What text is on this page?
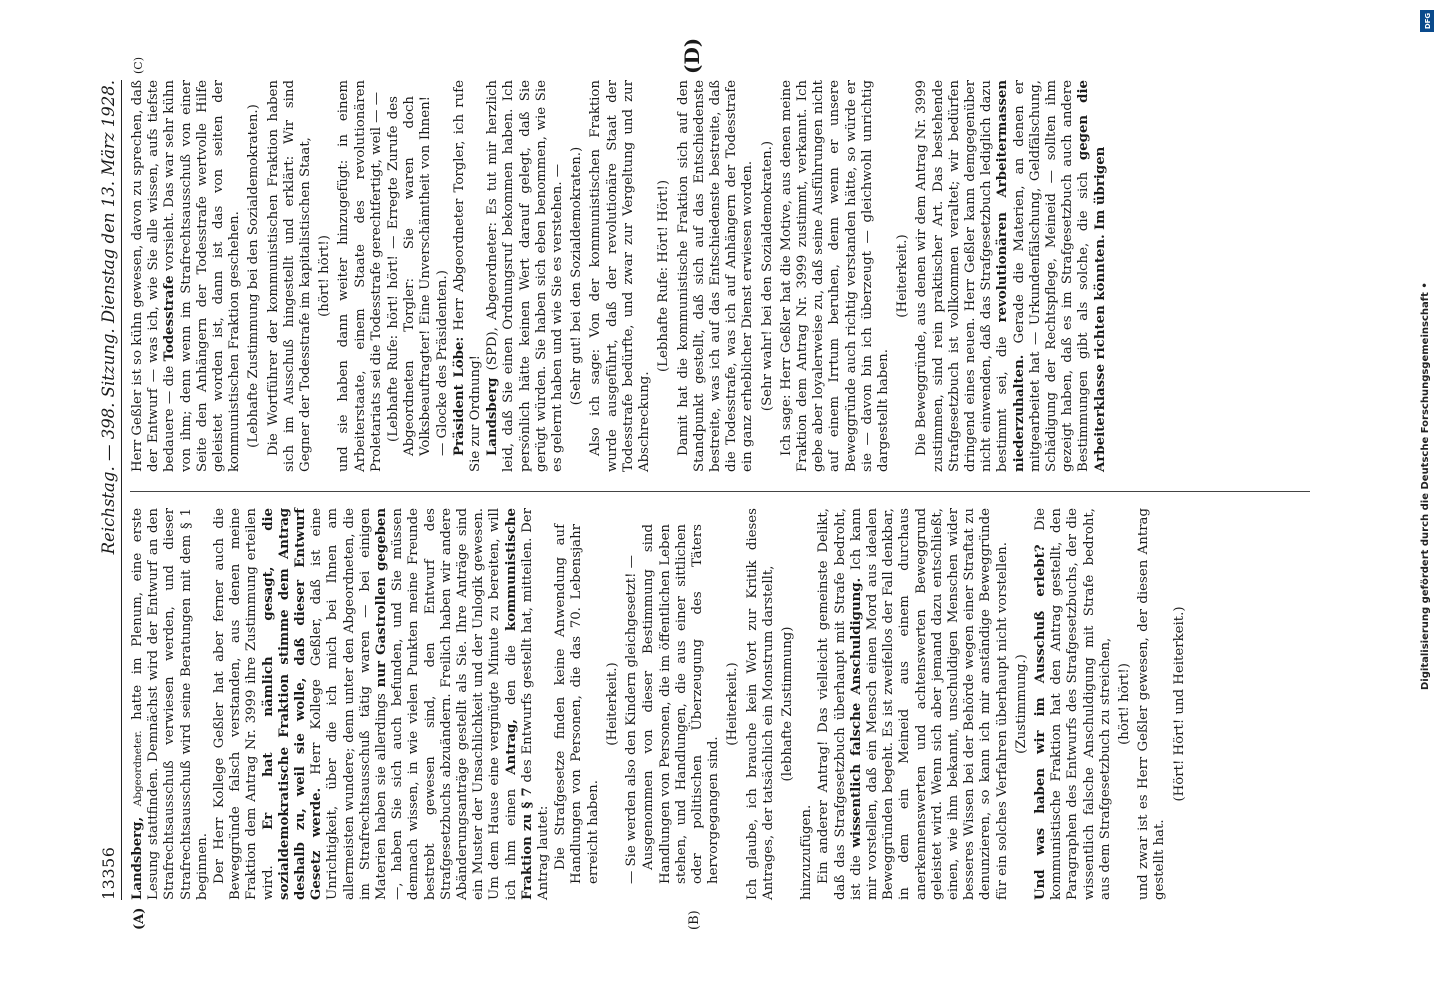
13356
Reichstag. — 398. Sitzung. Dienstag den 13. März 1928.
(A)	(B)
(C)	(D)

Landsberg, Abgeordneter. hatte im Plenum, eine erste Lesung stattfinden. Demnächst wird der Entwurf an den Strafrechtsausschuß verwiesen werden, und dieser Strafrechtsausschuß wird seine Beratungen mit dem § 1 beginnen. Der Herr Kollege Geßler hat aber ferner auch die Beweggründe falsch verstanden, aus denen meine Fraktion dem Antrag Nr. 3999 ihre Zustimmung erteilen wird. Er hat nämlich gesagt, die sozialdemokratische Fraktion stimme dem Antrag deshalb zu, weil sie wolle, daß dieser Entwurf Gesetz werde. Herr Kollege Geßler, daß ist eine Unrichtigkeit, über die ich mich bei Ihnen am allermeisten wundere; denn unter den Abgeordneten, die im Strafrechtsausschuß tätig waren — bei einigen Materien haben sie allerdings nur Gastrollen gegeben—, haben Sie sich auch befunden, und Sie müssen demnach wissen, in wie vielen Punkten meine Freunde bestrebt gewesen sind, den Entwurf des Strafgesetzbuchs abzuändern. Freilich haben wir andere Abänderungsanträge gestellt als Sie. Ihre Anträge sind ein Muster der Unsachlichkeit und der Unlogik gewesen. Um dem Hause eine vergnügte Minute zu bereiten, will ich ihm einen Antrag, den die kommunistische Fraktion zu § 7 des Entwurfs gestellt hat, mitteilen. Der Antrag lautet: Die Strafgesetze finden keine Anwendung auf Handlungen von Personen, die das 70. Lebensjahr erreicht haben.

(Heiterkeit.) — Sie werden also den Kindern gleichgesetzt! — Ausgenommen von dieser Bestimmung sind Handlungen von Personen, die im öffentlichen Leben stehen, und Handlungen, die aus einer sittlichen oder politischen Überzeugung des Täters hervorgegangen sind.

(Heiterkeit.) Ich glaube, ich brauche kein Wort zur Kritik dieses Antrages, der tatsächlich ein Monstrum darstellt, (lebhafte Zustimmung)

hinzuzufügen. Ein anderer Antrag! Das vielleicht gemeinste Delikt, daß das Strafgesetzbuch überhaupt mit Strafe bedroht, ist die wissentlich falsche Anschuldigung. Ich kann mir vorstellen, daß ein Mensch einen Mord aus idealen Beweggründen begeht. Es ist zweifellos der Fall denkbar, in dem ein Meineid aus einem durchaus anerkennenswerten und achtenswerten Beweggrund geleistet wird. Wenn sich aber jemand dazu entschließt, einen, wie ihm bekannt, unschuldigen Menschen wider besseres Wissen bei der Behörde wegen einer Straftat zu denunzieren, so kann ich mir anständige Beweggründe für ein solches Verfahren überhaupt nicht vorstellen. (Zustimmung.) Und was haben wir im Ausschuß erlebt? Die kommunistische Fraktion hat den Antrag gestellt, den Paragraphen des Entwurfs des Strafgesetzbuchs, der die wissentlich falsche Anschuldigung mit Strafe bedroht, aus dem Strafgesetzbuch zu streichen, (hört! hört!) und zwar ist es Herr Geßler gewesen, der diesen Antrag gestellt hat.

(Hört! Hört! und Heiterkeit.)

Herr Geßler ist so kühn gewesen, davon zu sprechen, daß der Entwurf — was ich, wie Sie alle wissen, aufs tiefste bedauere — die Todesstrafe vorsieht. Das war sehr kühn von ihm; denn wenn im Strafrechtsausschuß von einer Seite den Anhängern der Todesstrafe wertvolle Hilfe geleistet worden ist, dann ist das von seiten der kommunistischen Fraktion geschehen. (Lebhafte Zustimmung bei den Sozialdemokraten.) Die Wortführer der kommunistischen Fraktion haben sich im Ausschuß hingestellt und erklärt: Wir sind Gegner der Todesstrafe im kapitalistischen Staat, (hört! hört!) und sie haben dann weiter hinzugefügt: in einem Arbeiterstaate, einem Staate des revolutionären Proletariats sei die Todesstrafe gerechtfertigt, weil — — (Lebhafte Rufe: hört! hört! — Erregte Zurufe des Abgeordneten Torgler: Sie waren doch Volksbeauftragter! Eine Unverschämtheit von Ihnen! — Glocke des Präsidenten.) Präsident Löbe: Herr Abgeordneter Torgler, ich rufe Sie zur Ordnung! Landsberg (SPD), Abgeordneter: Es tut mir herzlich leid, daß Sie einen Ordnungsruf bekommen haben. Ich persönlich hätte keinen Wert darauf gelegt, daß Sie gerügt würden. Sie haben sich eben benommen, wie Sie es gelernt haben und wie Sie es verstehen. — (Sehr gut! bei den Sozialdemokraten.) Also ich sage: Von der kommunistischen Fraktion wurde ausgeführt, daß der revolutionäre Staat der Todesstrafe bedürfte, und zwar zur Vergeltung und zur Abschreckung.

(Lebhafte Rufe: Hört! Hört!) Damit hat die kommunistische Fraktion sich auf den Standpunkt gestellt, daß sich auf das Entschiedenste bestreite, was ich auf das Entschiedenste bestreite, daß die Todesstrafe, was ich auf Anhängern der Todesstrafe ein ganz erheblicher Dienst erwiesen worden. (Sehr wahr! bei den Sozialdemokraten.) Ich sage: Herr Geßler hat die Motive, aus denen meine Fraktion dem Antrag Nr. 3999 zustimmt, verkannt. Ich gebe aber loyalerweise zu, daß seine Ausführungen nicht auf einem Irrtum beruhen, denn wenn er unsere Beweggründe auch richtig verstanden hätte, so würde er sie — davon bin ich überzeugt — gleichwohl unrichtig dargestellt haben.

(Heiterkeit.) Die Beweggründe, aus denen wir dem Antrag Nr. 3999 zustimmen, sind rein praktischer Art. Das bestehende Strafgesetzbuch ist vollkommen veraltet; wir bedürfen dringend eines neuen. Herr Geßler kann demgegenüber nicht einwenden, daß das Strafgesetzbuch lediglich dazu bestimmt sei, die revolutionären Arbeitermassen niederzuhalten. Gerade die Materien, an denen er mitgearbeitet hat — Urkundenfälschung, Geldfälschung, Schädigung der Rechtspflege, Meineid — sollten ihm gezeigt haben, daß es im Strafgesetzbuch auch andere Bestimmungen gibt als solche, die sich gegen die Arbeiterklasse richten könnten. Im übrigen

DFG
Digitalisierung gefördert durch die Deutsche Forschungsgemeinschaft •
